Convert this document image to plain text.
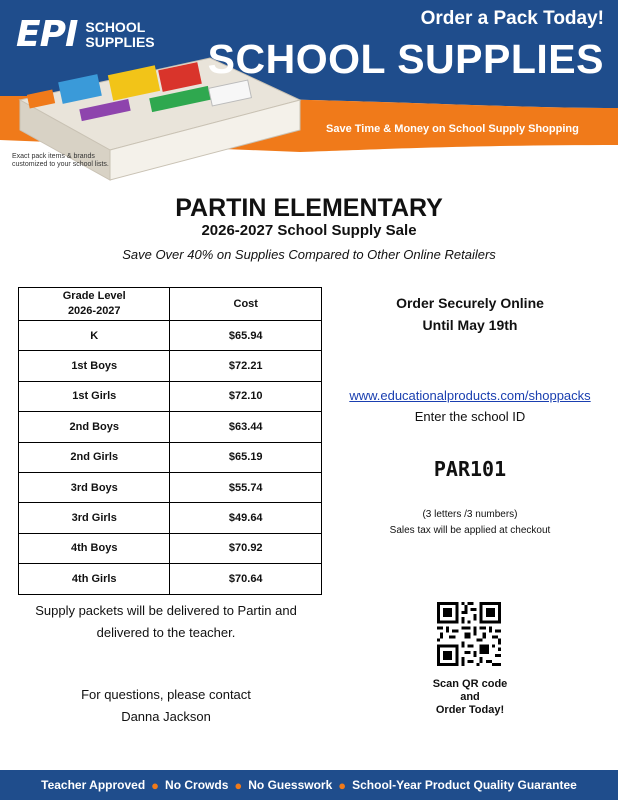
EPI SCHOOL
SUPPLIES
Order a Pack Today!
SCHOOL SUPPLIES
Save Time & Money on School Supply Shopping
Exact pack items & brands
customized to your school lists.
PARTIN ELEMENTARY
2026-2027 School Supply Sale
Save Over 40% on Supplies Compared to Other Online Retailers
Grade Level
2026-2027	Cost
K	$65.94
1st Boys	$72.21
1st Girls	$72.10
2nd Boys	$63.44
2nd Girls	$65.19
3rd Boys	$55.74
3rd Girls	$49.64
4th Boys	$70.92
4th Girls	$70.64
Order Securely Online
Until May 19th
www.educationalproducts.com/shoppacks
Enter the school ID
PAR101
(3 letters /3 numbers)
Sales tax will be applied at checkout
Scan QR code
and
Order Today!
Supply packets will be delivered to Partin and
delivered to the teacher.
For questions, please contact
Danna Jackson
Teacher Approved ● No Crowds ● No Guesswork ● School-Year Product Quality Guarantee
